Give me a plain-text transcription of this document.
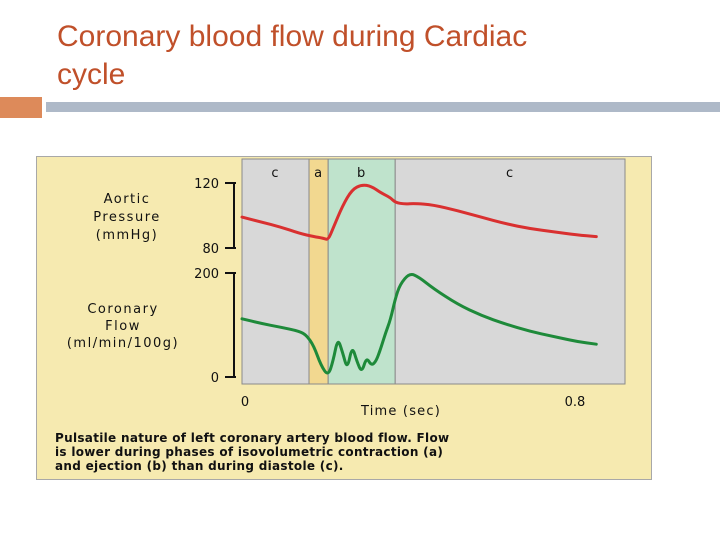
Coronary blood flow during Cardiac
cycle
c	a	b	c
120
80
Aortic
Pressure
(mmHg)
200
0
Coronary
Flow
(ml/min/100g)
0	0.8
Time (sec)
Pulsatile nature of left coronary artery blood flow. Flow
is lower during phases of isovolumetric contraction (a)
and ejection (b) than during diastole (c).
